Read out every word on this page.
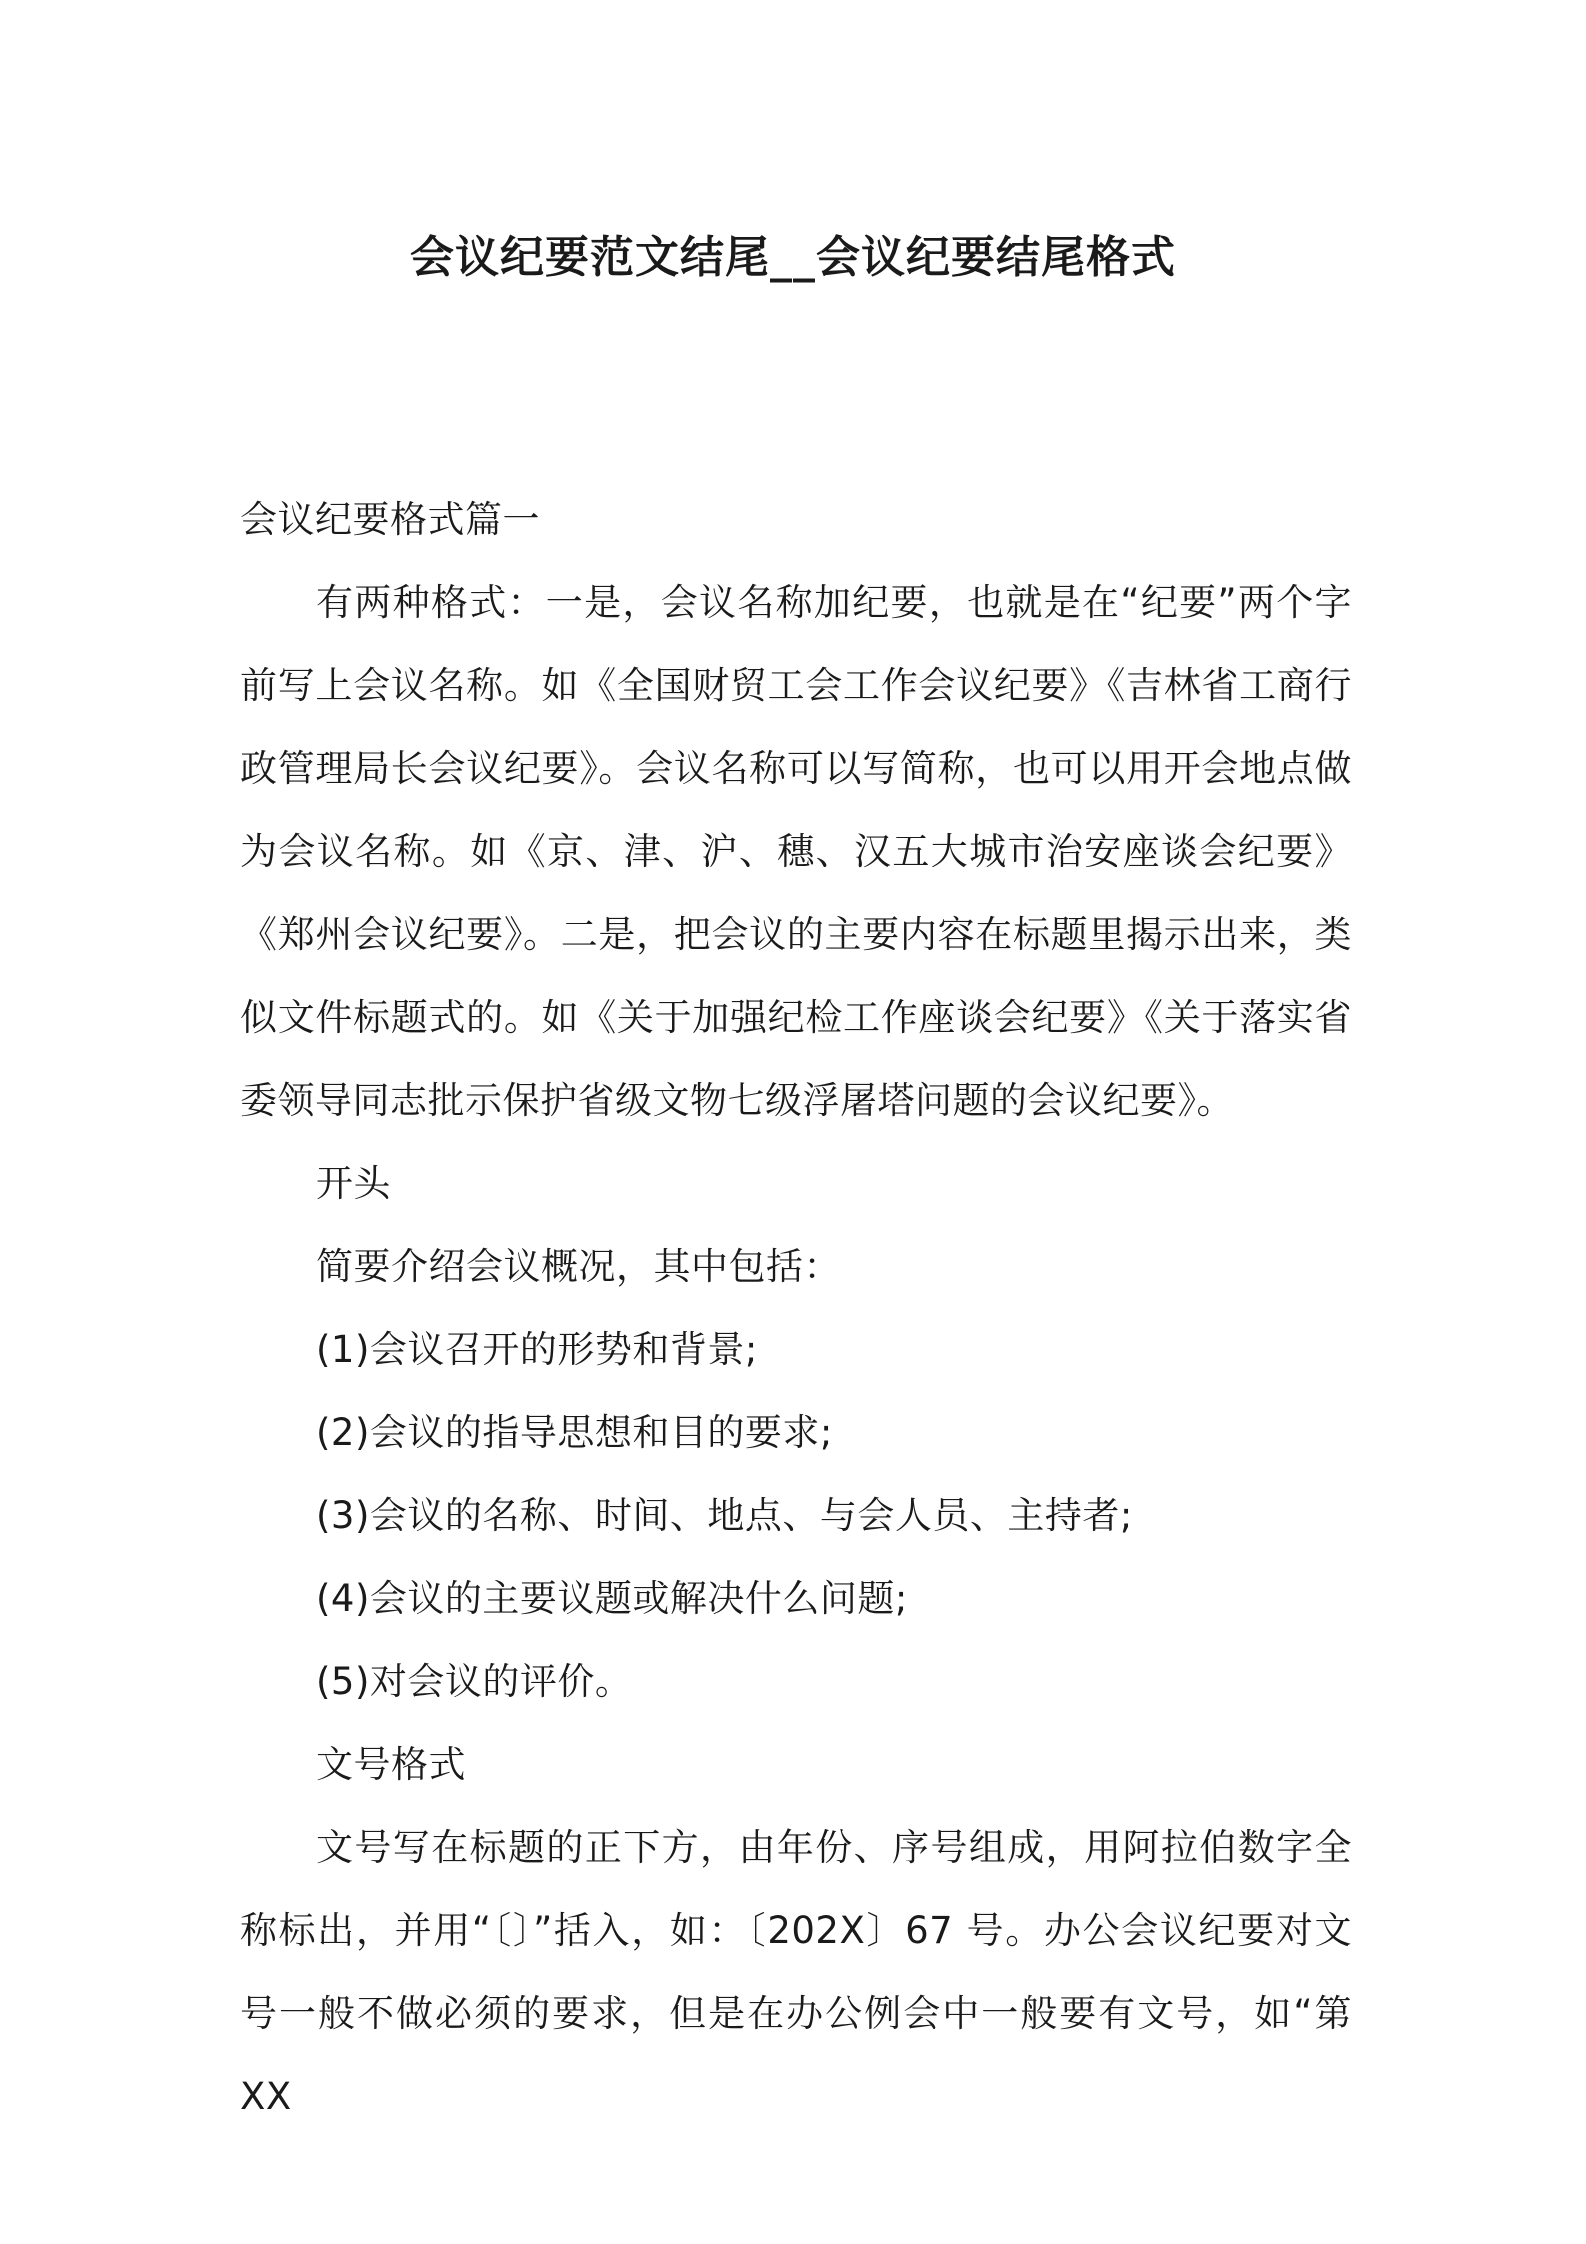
会议纪要范文结尾__会议纪要结尾格式

会议纪要格式篇一

有两种格式：一是，会议名称加纪要，也就是在“纪要”两个字前写上会议名称。如《全国财贸工会工作会议纪要》《吉林省工商行政管理局长会议纪要》。会议名称可以写简称，也可以用开会地点做为会议名称。如《京、津、沪、穗、汉五大城市治安座谈会纪要》《郑州会议纪要》。二是，把会议的主要内容在标题里揭示出来，类似文件标题式的。如《关于加强纪检工作座谈会纪要》《关于落实省委领导同志批示保护省级文物七级浮屠塔问题的会议纪要》。

开头

简要介绍会议概况，其中包括：

(1)会议召开的形势和背景;

(2)会议的指导思想和目的要求;

(3)会议的名称、时间、地点、与会人员、主持者;

(4)会议的主要议题或解决什么问题;

(5)对会议的评价。

文号格式

文号写在标题的正下方，由年份、序号组成，用阿拉伯数字全称标出，并用“〔〕”括入，如：〔202X〕67 号。办公会议纪要对文号一般不做必须的要求，但是在办公例会中一般要有文号，如“第 XX
